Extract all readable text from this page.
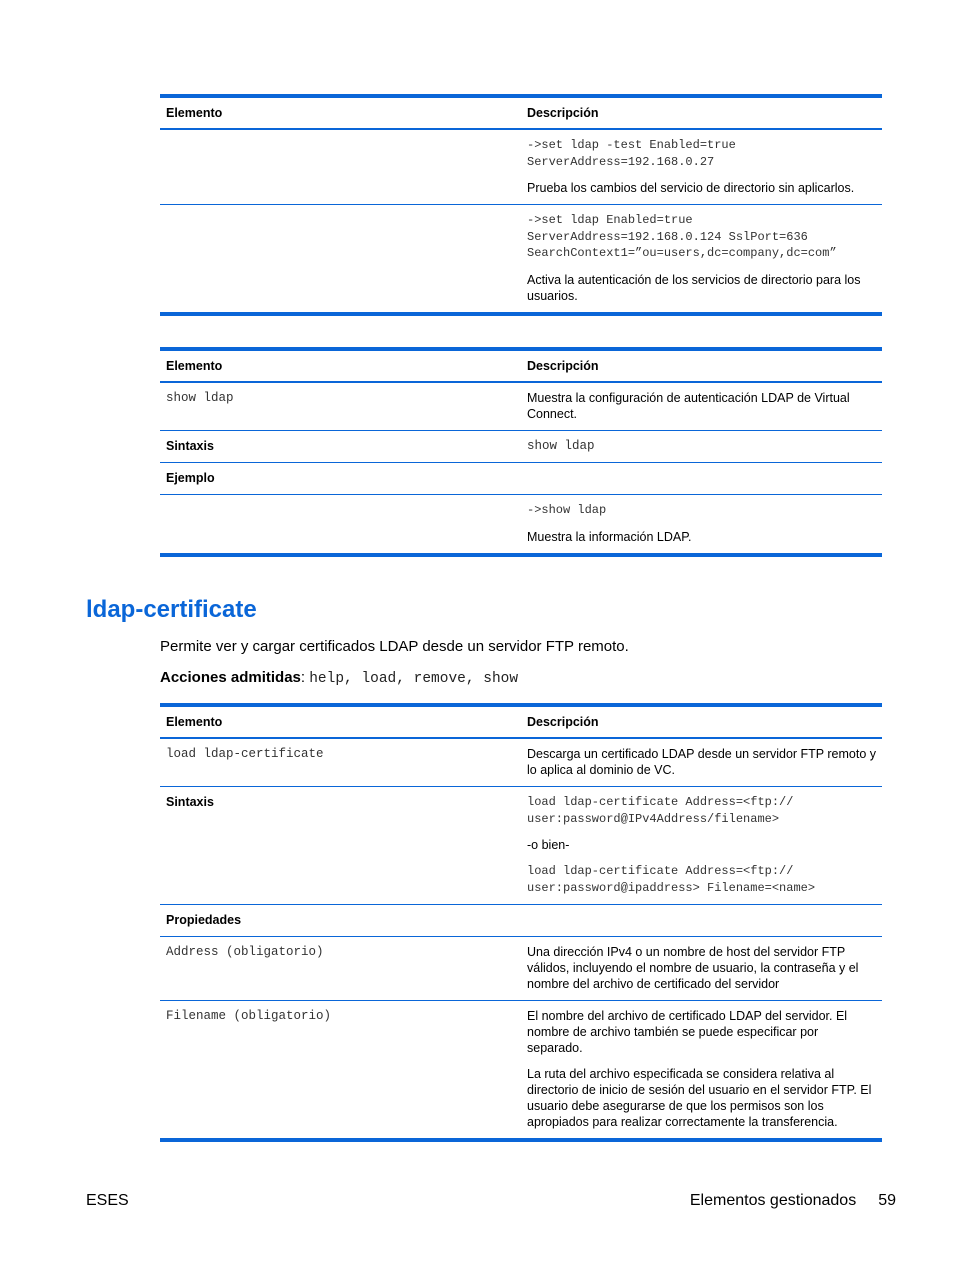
Elemento	Descripción

	->set ldap -test Enabled=true
ServerAddress=192.168.0.27

Prueba los cambios del servicio de directorio sin aplicarlos.

	->set ldap Enabled=true
ServerAddress=192.168.0.124 SslPort=636
SearchContext1=”ou=users,dc=company,dc=com”

Activa la autenticación de los servicios de directorio para los usuarios.

Elemento	Descripción
show ldap	Muestra la configuración de autenticación LDAP de Virtual Connect.
Sintaxis	show ldap
Ejemplo	

	->show ldap

Muestra la información LDAP.

ldap-certificate

Permite ver y cargar certificados LDAP desde un servidor FTP remoto.

Acciones admitidas: help, load, remove, show

Elemento	Descripción
load ldap-certificate	Descarga un certificado LDAP desde un servidor FTP remoto y lo aplica al dominio de VC.
Sintaxis	load ldap-certificate Address=<ftp://
user:password@IPv4Address/filename>

-o bien-

load ldap-certificate Address=<ftp://
user:password@ipaddress> Filename=<name>

Propiedades	
Address (obligatorio)	Una dirección IPv4 o un nombre de host del servidor FTP válidos, incluyendo el nombre de usuario, la contraseña y el nombre del archivo de certificado del servidor
Filename (obligatorio)	El nombre del archivo de certificado LDAP del servidor. El nombre de archivo también se puede especificar por separado.

La ruta del archivo especificada se considera relativa al directorio de inicio de sesión del usuario en el servidor FTP. El usuario debe asegurarse de que los permisos son los apropiados para realizar correctamente la transferencia.

ESES	Elementos gestionados 59
